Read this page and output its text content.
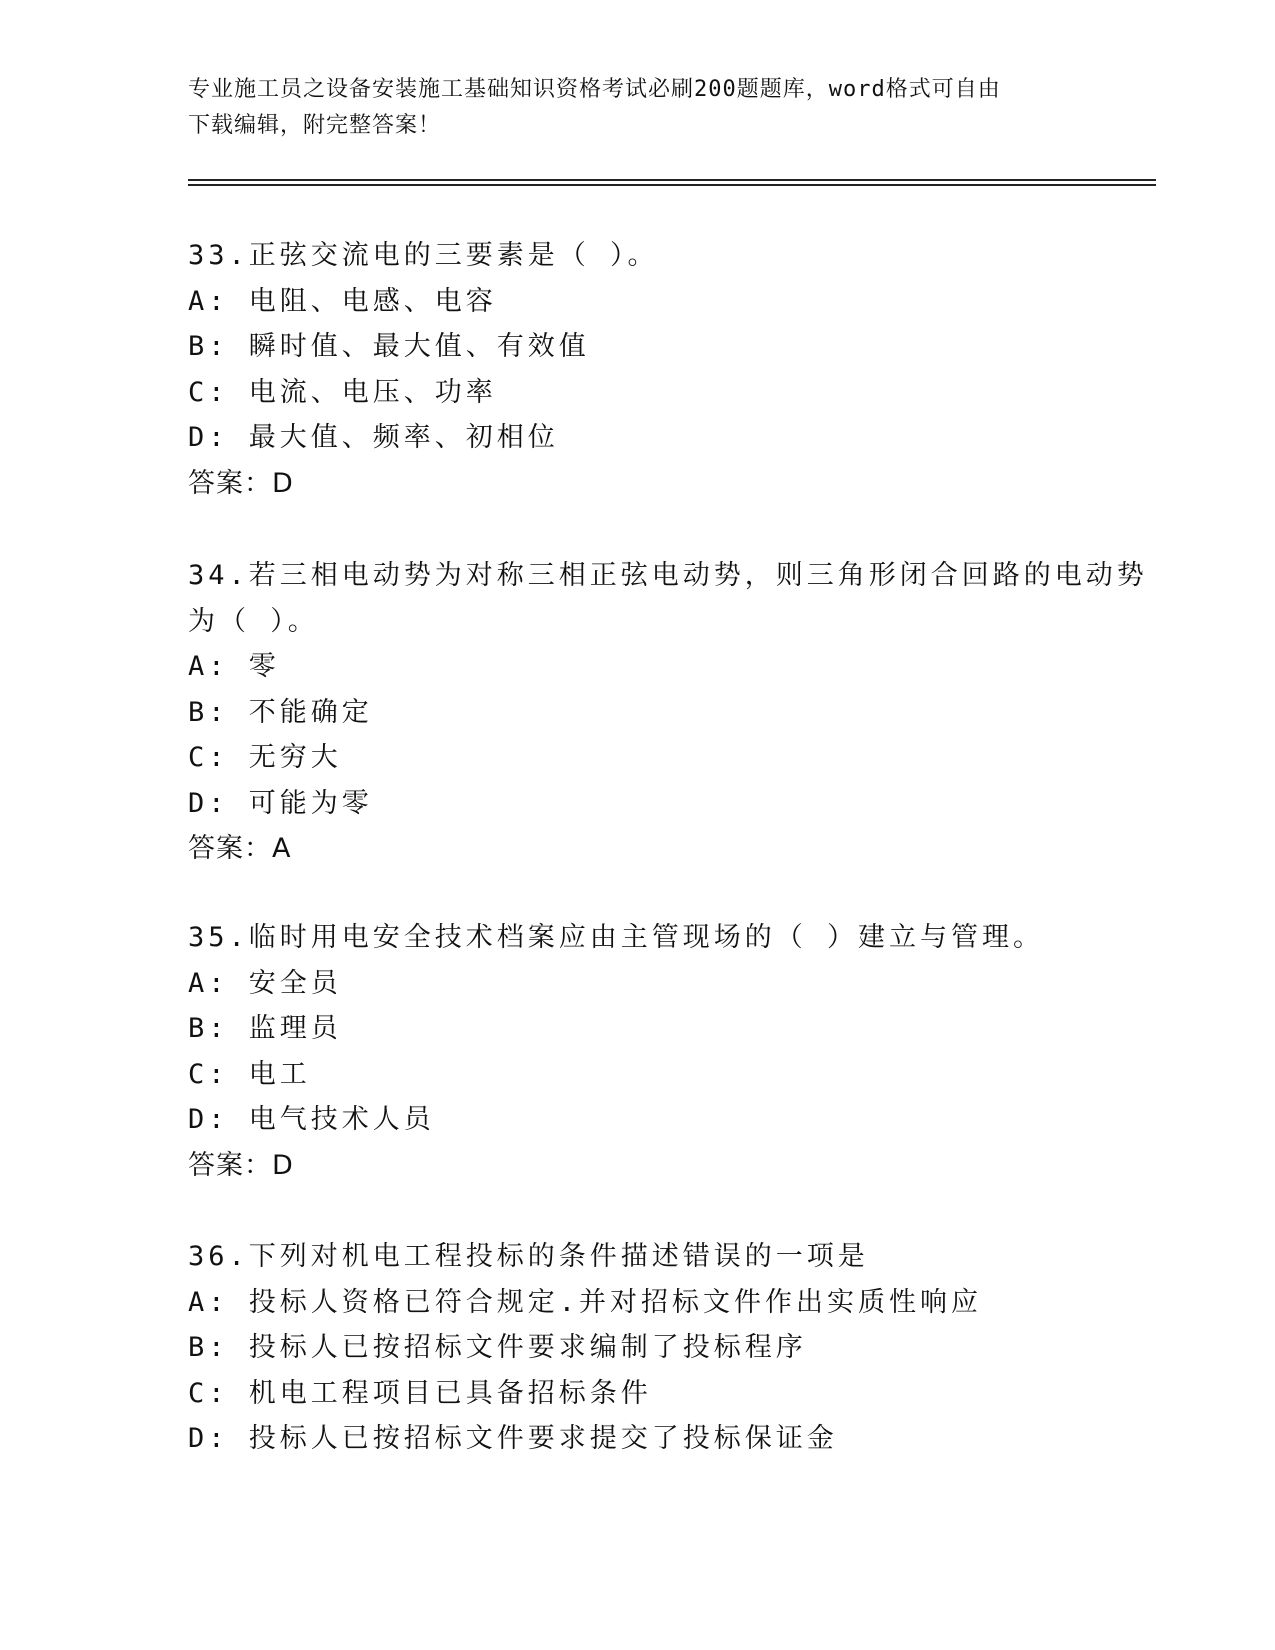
专业施工员之设备安装施工基础知识资格考试必刷200题题库，word格式可自由
下载编辑，附完整答案！
33.正弦交流电的三要素是（ ）。
A: 电阻、电感、电容
B: 瞬时值、最大值、有效值
C: 电流、电压、功率
D: 最大值、频率、初相位
答案：D
34.若三相电动势为对称三相正弦电动势，则三角形闭合回路的电动势
为（ ）。
A: 零
B: 不能确定
C: 无穷大
D: 可能为零
答案：A
35.临时用电安全技术档案应由主管现场的（ ）建立与管理。
A: 安全员
B: 监理员
C: 电工
D: 电气技术人员
答案：D
36.下列对机电工程投标的条件描述错误的一项是
A: 投标人资格已符合规定.并对招标文件作出实质性响应
B: 投标人已按招标文件要求编制了投标程序
C: 机电工程项目已具备招标条件
D: 投标人已按招标文件要求提交了投标保证金
